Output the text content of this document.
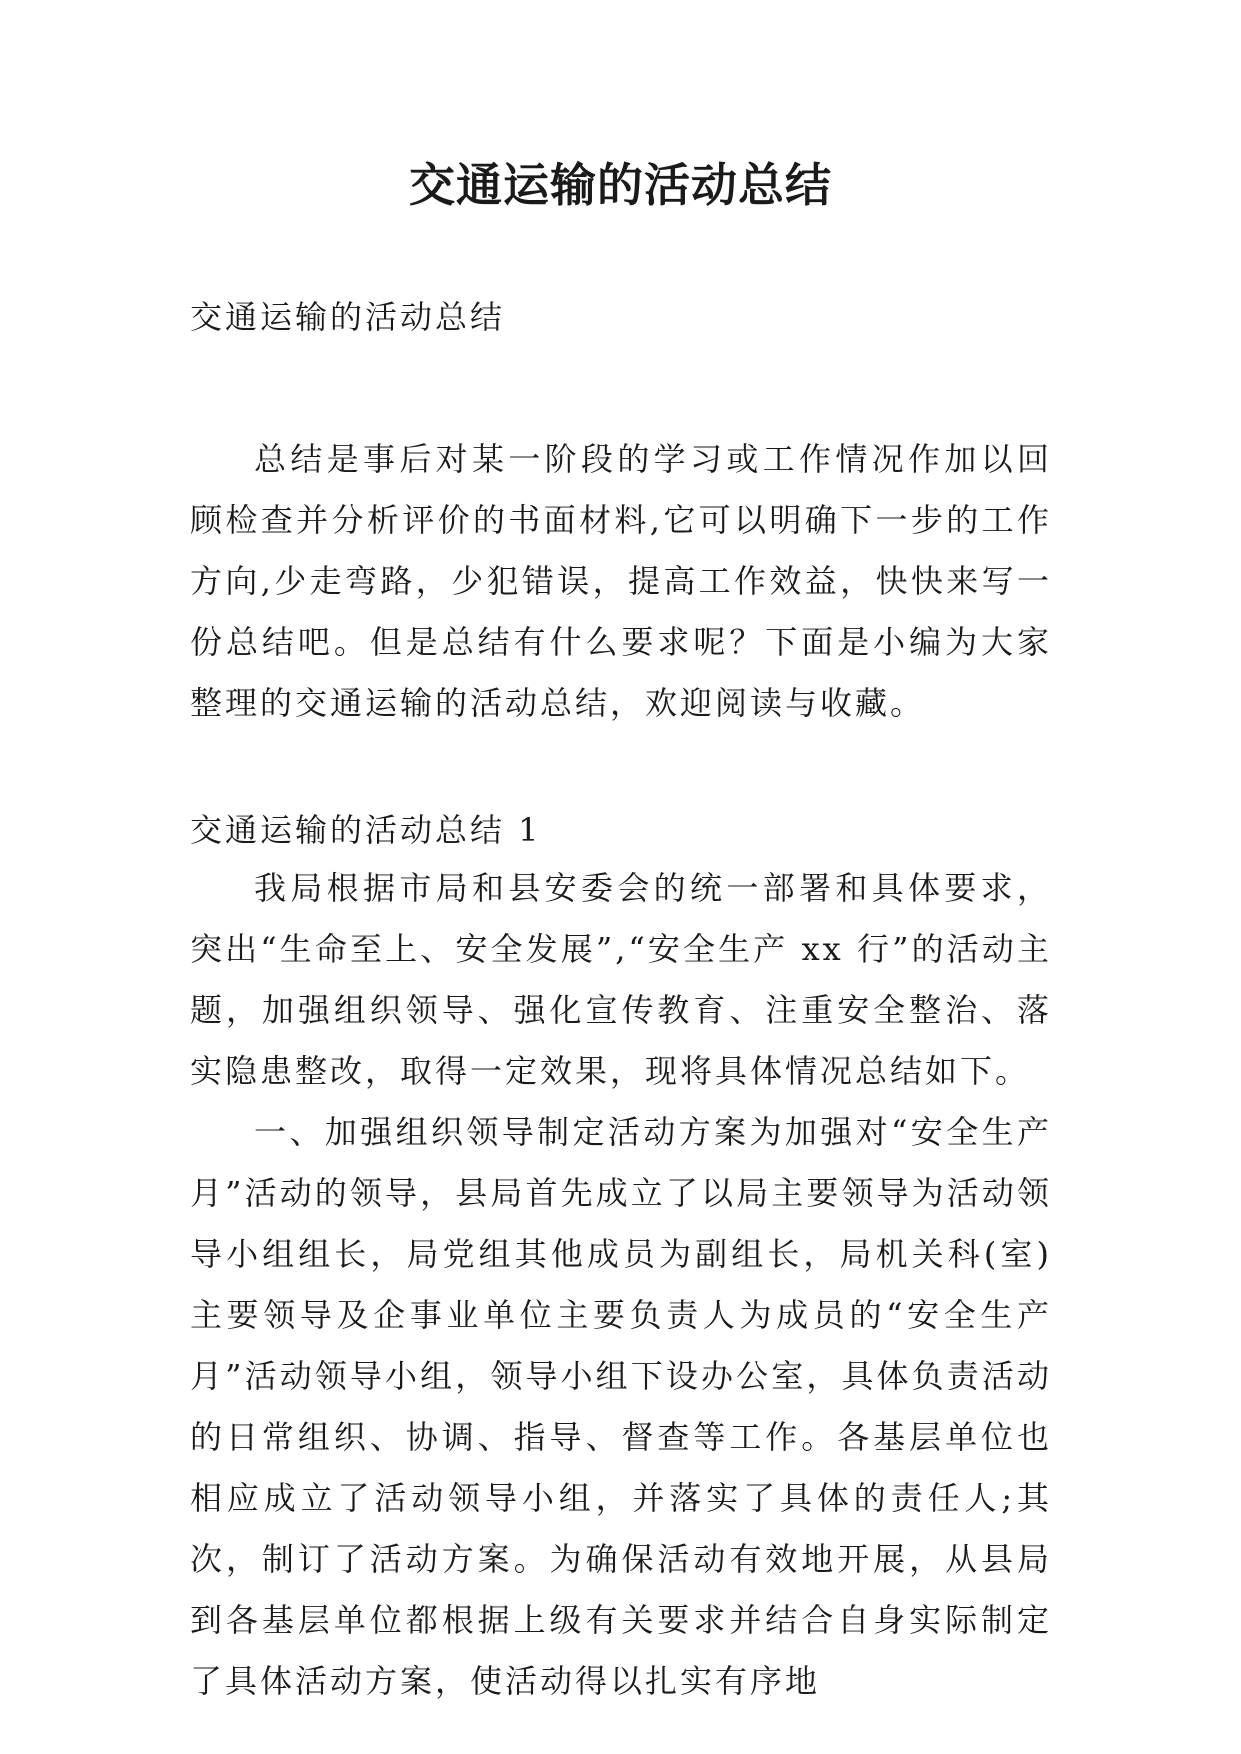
交通运输的活动总结

交通运输的活动总结

总结是事后对某一阶段的学习或工作情况作加以回顾检查并分析评价的书面材料,它可以明确下一步的工作方向,少走弯路，少犯错误，提高工作效益，快快来写一份总结吧。但是总结有什么要求呢？下面是小编为大家整理的交通运输的活动总结，欢迎阅读与收藏。

交通运输的活动总结 1

我局根据市局和县安委会的统一部署和具体要求，突出“生命至上、安全发展”,“安全生产 xx 行”的活动主题，加强组织领导、强化宣传教育、注重安全整治、落实隐患整改，取得一定效果，现将具体情况总结如下。

一、加强组织领导制定活动方案为加强对“安全生产月”活动的领导，县局首先成立了以局主要领导为活动领导小组组长，局党组其他成员为副组长，局机关科(室)主要领导及企事业单位主要负责人为成员的“安全生产月”活动领导小组，领导小组下设办公室，具体负责活动的日常组织、协调、指导、督查等工作。各基层单位也相应成立了活动领导小组，并落实了具体的责任人;其次，制订了活动方案。为确保活动有效地开展，从县局到各基层单位都根据上级有关要求并结合自身实际制定了具体活动方案，使活动得以扎实有序地
